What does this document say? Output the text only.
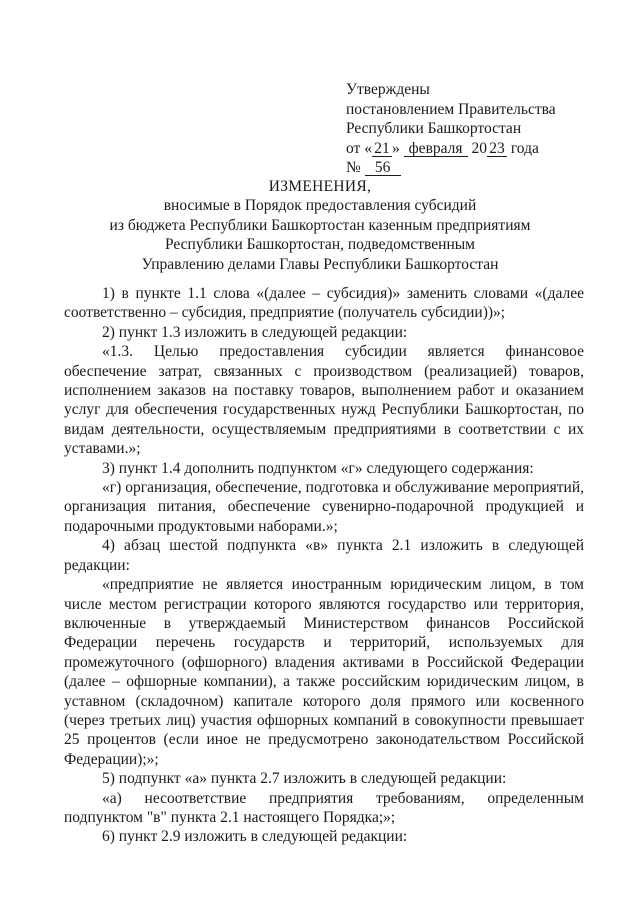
Утверждены
постановлением Правительства
Республики Башкортостан
от « 21 » февраля 20 23 года
№ 56
ИЗМЕНЕНИЯ,
вносимые в Порядок предоставления субсидий
из бюджета Республики Башкортостан казенным предприятиям
Республики Башкортостан, подведомственным
Управлению делами Главы Республики Башкортостан

1) в пункте 1.1 слова «(далее – субсидия)» заменить словами «(далее соответственно – субсидия, предприятие (получатель субсидии))»;

2) пункт 1.3 изложить в следующей редакции:

«1.3. Целью предоставления субсидии является финансовое обеспечение затрат, связанных с производством (реализацией) товаров, исполнением заказов на поставку товаров, выполнением работ и оказанием услуг для обеспечения государственных нужд Республики Башкортостан, по видам деятельности, осуществляемым предприятиями в соответствии с их уставами.»;

3) пункт 1.4 дополнить подпунктом «г» следующего содержания:

«г) организация, обеспечение, подготовка и обслуживание мероприятий, организация питания, обеспечение сувенирно-подарочной продукцией и подарочными продуктовыми наборами.»;

4) абзац шестой подпункта «в» пункта 2.1 изложить в следующей редакции:

«предприятие не является иностранным юридическим лицом, в том числе местом регистрации которого являются государство или территория, включенные в утверждаемый Министерством финансов Российской Федерации перечень государств и территорий, используемых для промежуточного (офшорного) владения активами в Российской Федерации (далее – офшорные компании), а также российским юридическим лицом, в уставном (складочном) капитале которого доля прямого или косвенного (через третьих лиц) участия офшорных компаний в совокупности превышает 25 процентов (если иное не предусмотрено законодательством Российской Федерации);»;

5) подпункт «а» пункта 2.7 изложить в следующей редакции:

«а) несоответствие предприятия требованиям, определенным подпунктом "в" пункта 2.1 настоящего Порядка;»;

6) пункт 2.9 изложить в следующей редакции:
